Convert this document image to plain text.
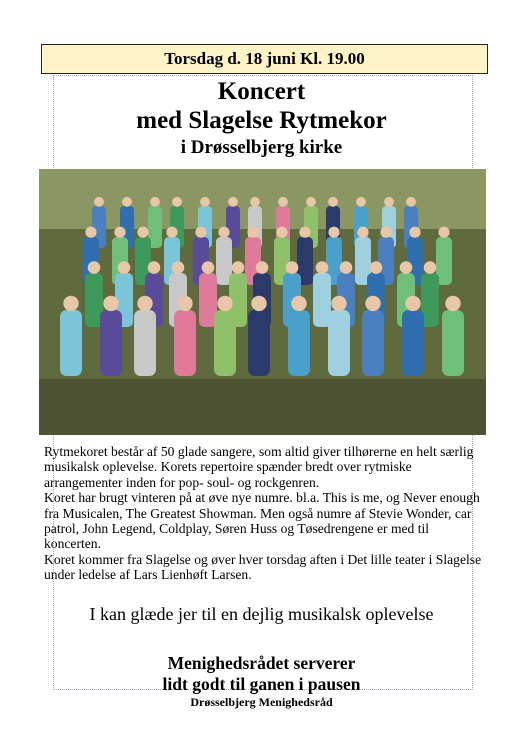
Torsdag d. 18 juni Kl. 19.00
Koncert
med Slagelse Rytmekor
i Drøsselbjerg kirke

Rytmekoret består af 50 glade sangere, som altid giver tilhørerne en helt særlig musikalsk oplevelse. Korets repertoire spænder bredt over rytmiske arrangementer inden for pop- soul- og rockgenren.

Koret har brugt vinteren på at øve nye numre. bl.a. This is me, og Never enough fra Musicalen, The Greatest Showman. Men også numre af Stevie Wonder, car patrol, John Legend, Coldplay, Søren Huss og Tøsedrengene er med til koncerten.

Koret kommer fra Slagelse og øver hver torsdag aften i Det lille teater i Slagelse under ledelse af Lars Lienhøft Larsen.

I kan glæde jer til en dejlig musikalsk oplevelse
Menighedsrådet serverer
lidt godt til ganen i pausen
Drøsselbjerg Menighedsråd
